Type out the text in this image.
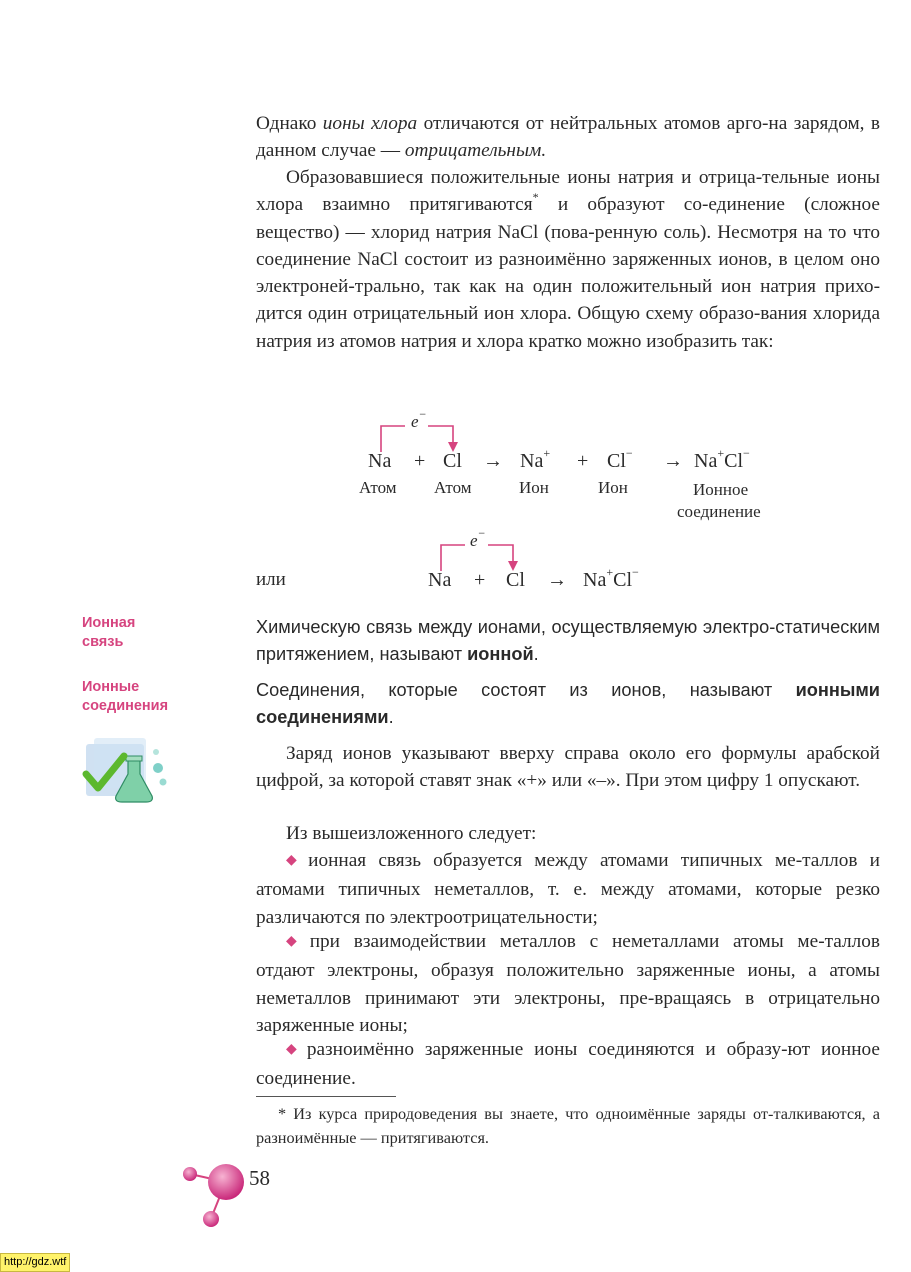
Однако ионы хлора отличаются от нейтральных атомов арго-на зарядом, в данном случае — отрицательным.

Образовавшиеся положительные ионы натрия и отрица-тельные ионы хлора взаимно притягиваются* и образуют со-единение (сложное вещество) — хлорид натрия NaCl (пова-ренную соль). Несмотря на то что соединение NaCl состоит из разноимённо заряженных ионов, в целом оно электроней-трально, так как на один положительный ион натрия прихо-дится один отрицательный ион хлора. Общую схему образо-вания хлорида натрия из атомов натрия и хлора кратко можно изобразить так:

e−
Na + Cl → Na+ + Cl− → Na+Cl−
Атом Атом	Ион	Ион	Ионное
соединение
или
e−
Na + Cl → Na+Cl−

Ионная связь

Ионные соединения

Химическую связь между ионами, осуществляемую электро-статическим притяжением, называют ионной.

Соединения, которые состоят из ионов, называют ионными соединениями.

Заряд ионов указывают вверху справа около его формулы арабской цифрой, за которой ставят знак «+» или «–». При этом цифру 1 опускают.

Из вышеизложенного следует:

◆ ионная связь образуется между атомами типичных ме-таллов и атомами типичных неметаллов, т. е. между атомами, которые резко различаются по электроотрицательности;

◆ при взаимодействии металлов с неметаллами атомы ме-таллов отдают электроны, образуя положительно заряженные ионы, а атомы неметаллов принимают эти электроны, пре-вращаясь в отрицательно заряженные ионы;

◆ разноимённо заряженные ионы соединяются и образу-ют ионное соединение.

* Из курса природоведения вы знаете, что одноимённые заряды от-талкиваются, а разноимённые — притягиваются.

58
http://gdz.wtf
